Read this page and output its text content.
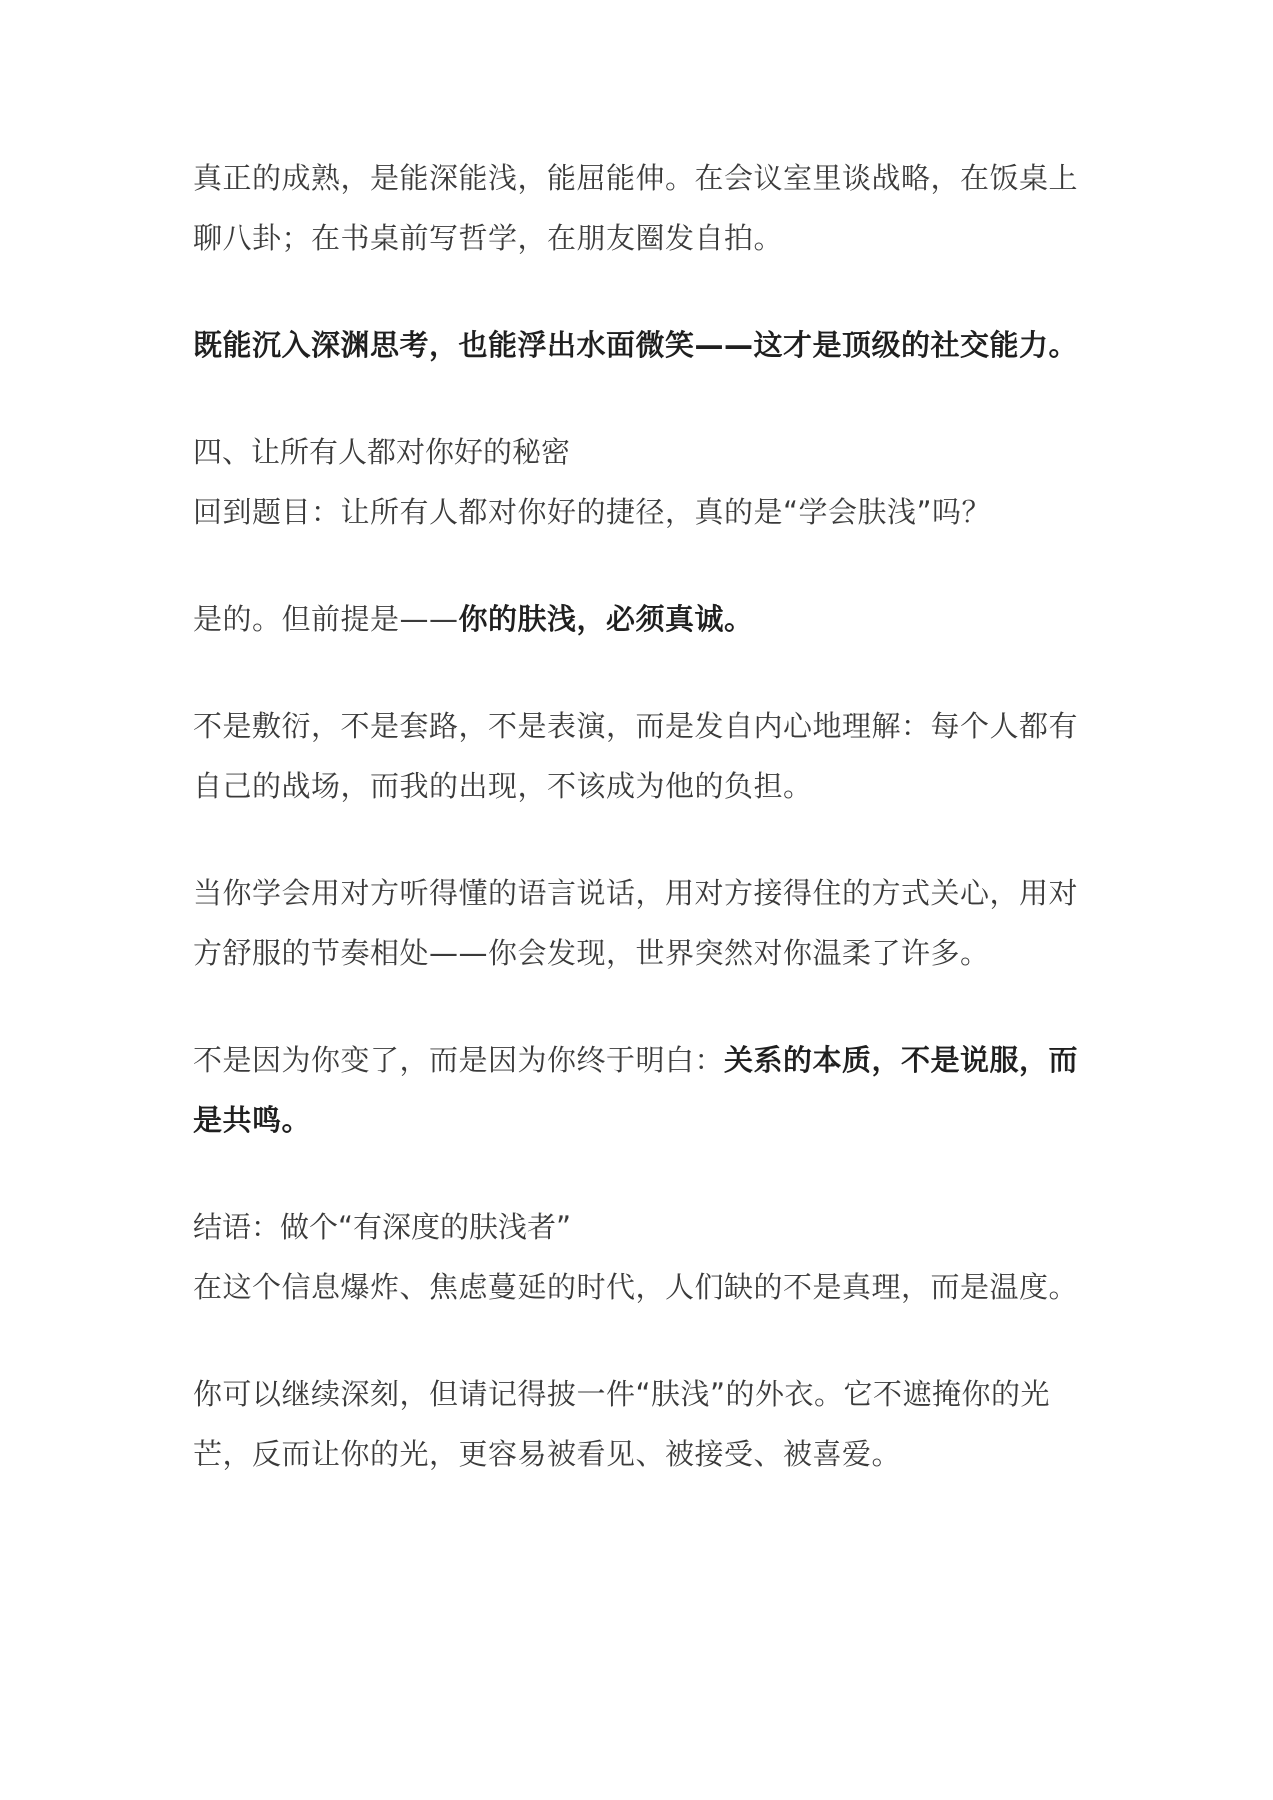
真正的成熟，是能深能浅，能屈能伸。在会议室里谈战略，在饭桌上聊八卦；在书桌前写哲学，在朋友圈发自拍。

既能沉入深渊思考，也能浮出水面微笑——这才是顶级的社交能力。

四、让所有人都对你好的秘密

回到题目：让所有人都对你好的捷径，真的是“学会肤浅”吗？

是的。但前提是——你的肤浅，必须真诚。

不是敷衍，不是套路，不是表演，而是发自内心地理解：每个人都有自己的战场，而我的出现，不该成为他的负担。

当你学会用对方听得懂的语言说话，用对方接得住的方式关心，用对方舒服的节奏相处——你会发现，世界突然对你温柔了许多。

不是因为你变了，而是因为你终于明白：关系的本质，不是说服，而是共鸣。

结语：做个“有深度的肤浅者”

在这个信息爆炸、焦虑蔓延的时代，人们缺的不是真理，而是温度。

你可以继续深刻，但请记得披一件“肤浅”的外衣。它不遮掩你的光芒，反而让你的光，更容易被看见、被接受、被喜爱。
